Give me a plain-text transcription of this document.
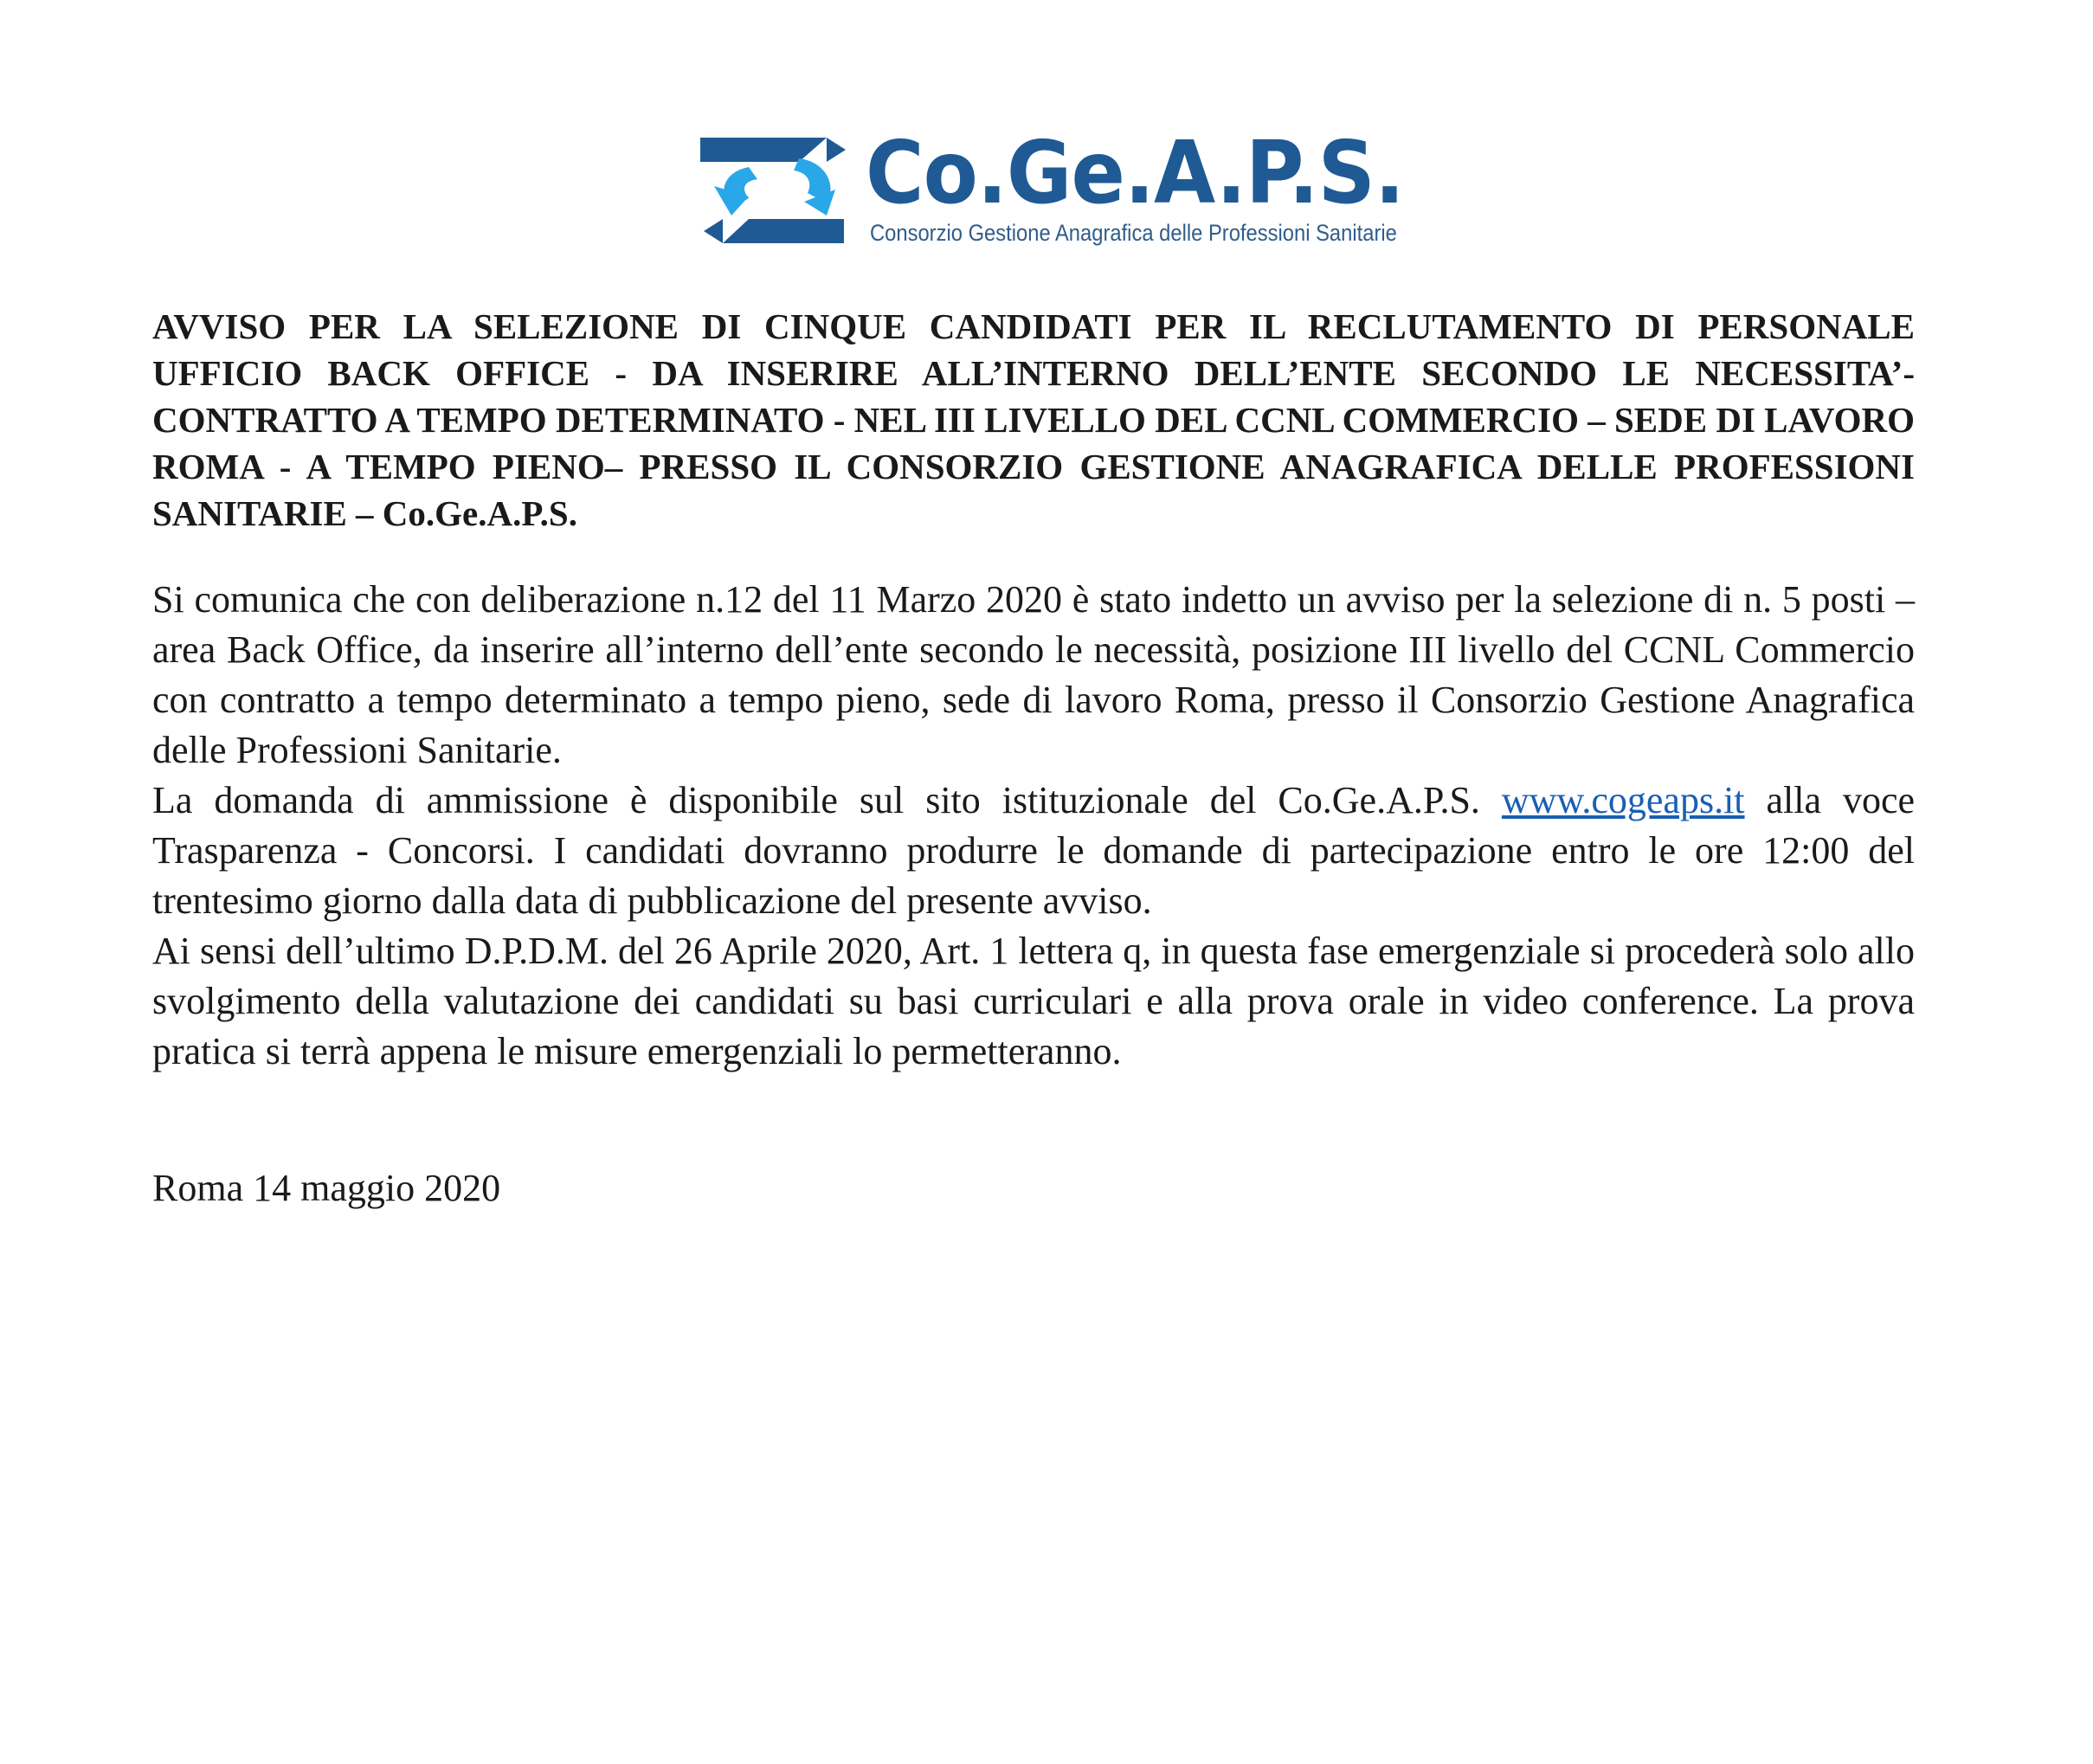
Co.Ge.A.P.S.
Consorzio Gestione Anagrafica delle Professioni Sanitarie

AVVISO PER LA SELEZIONE DI CINQUE CANDIDATI PER IL RECLUTAMENTO DI PERSONALE UFFICIO BACK OFFICE - DA INSERIRE ALL’INTERNO DELL’ENTE SECONDO LE NECESSITA’- CONTRATTO A TEMPO DETERMINATO - NEL III LIVELLO DEL CCNL COMMERCIO – SEDE DI LAVORO ROMA - A TEMPO PIENO– PRESSO IL CONSORZIO GESTIONE ANAGRAFICA DELLE PROFESSIONI SANITARIE – Co.Ge.A.P.S.

Si comunica che con deliberazione n.12 del 11 Marzo 2020 è stato indetto un avviso per la selezione di n. 5 posti – area Back Office, da inserire all’interno dell’ente secondo le necessità, posizione III livello del CCNL Commercio con contratto a tempo determinato a tempo pieno, sede di lavoro Roma, presso il Consorzio Gestione Anagrafica delle Professioni Sanitarie.

La domanda di ammissione è disponibile sul sito istituzionale del Co.Ge.A.P.S. www.cogeaps.it alla voce Trasparenza - Concorsi. I candidati dovranno produrre le domande di partecipazione entro le ore 12:00 del trentesimo giorno dalla data di pubblicazione del presente avviso.

Ai sensi dell’ultimo D.P.D.M. del 26 Aprile 2020, Art. 1 lettera q, in questa fase emergenziale si procederà solo allo svolgimento della valutazione dei candidati su basi curriculari e alla prova orale in video conference. La prova pratica si terrà appena le misure emergenziali lo permetteranno.

Roma 14 maggio 2020
